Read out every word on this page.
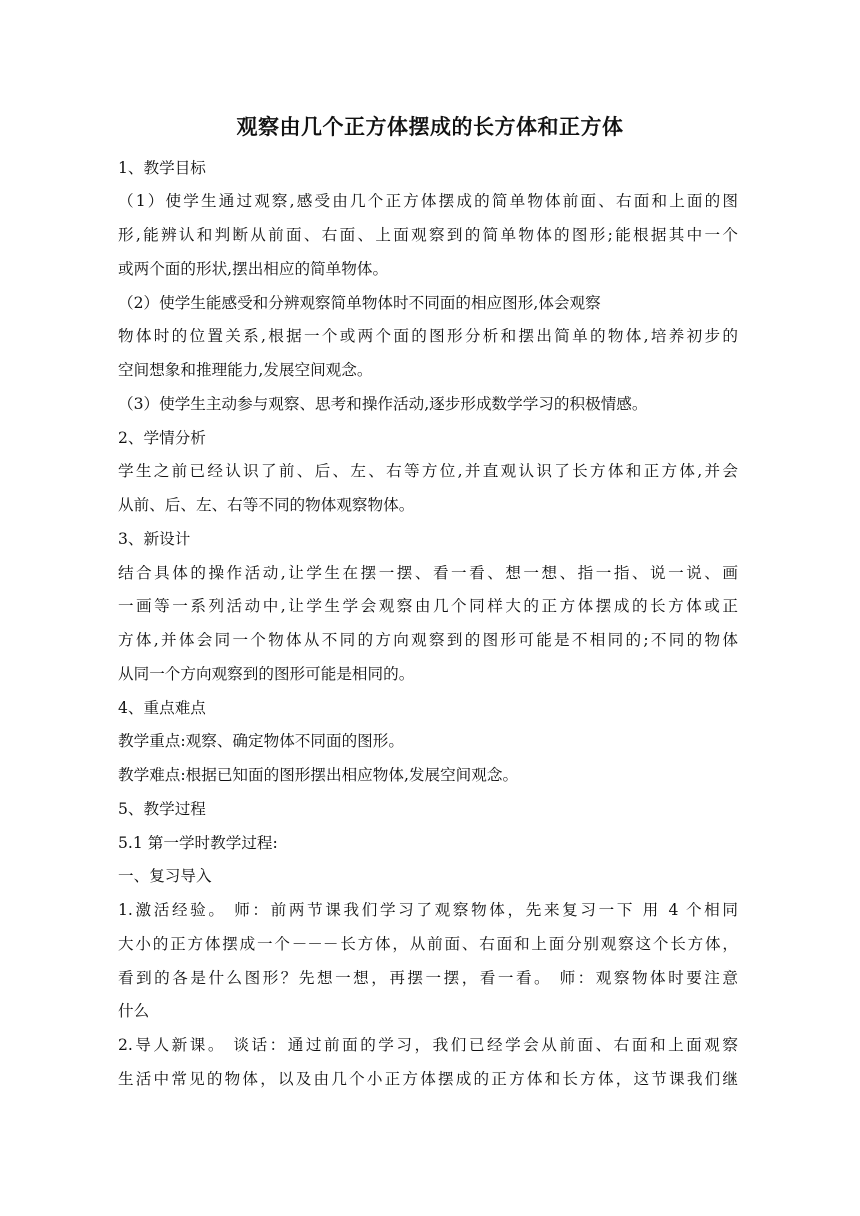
观察由几个正方体摆成的长方体和正方体
1、教学目标
（1）使学生通过观察,感受由几个正方体摆成的简单物体前面、右面和上面的图
形,能辨认和判断从前面、右面、上面观察到的简单物体的图形;能根据其中一个
或两个面的形状,摆出相应的简单物体。
（2）使学生能感受和分辨观察简单物体时不同面的相应图形,体会观察
物体时的位置关系,根据一个或两个面的图形分析和摆出简单的物体,培养初步的
空间想象和推理能力,发展空间观念。
（3）使学生主动参与观察、思考和操作活动,逐步形成数学学习的积极情感。
2、学情分析
学生之前已经认识了前、后、左、右等方位,并直观认识了长方体和正方体,并会
从前、后、左、右等不同的物体观察物体。
3、新设计
结合具体的操作活动,让学生在摆一摆、看一看、想一想、指一指、说一说、画
一画等一系列活动中,让学生学会观察由几个同样大的正方体摆成的长方体或正
方体,并体会同一个物体从不同的方向观察到的图形可能是不相同的;不同的物体
从同一个方向观察到的图形可能是相同的。
4、重点难点
教学重点:观察、确定物体不同面的图形。
教学难点:根据已知面的图形摆出相应物体,发展空间观念。
5、教学过程
5.1 第一学时教学过程:
一、复习导入
1.激活经验。 师：前两节课我们学习了观察物体，先来复习一下 用 4 个相同
大小的正方体摆成一个－－－长方体，从前面、右面和上面分别观察这个长方体，
看到的各是什么图形？先想一想，再摆一摆，看一看。 师：观察物体时要注意
什么
2.导人新课。 谈话：通过前面的学习，我们已经学会从前面、右面和上面观察
生活中常见的物体，以及由几个小正方体摆成的正方体和长方体，这节课我们继
